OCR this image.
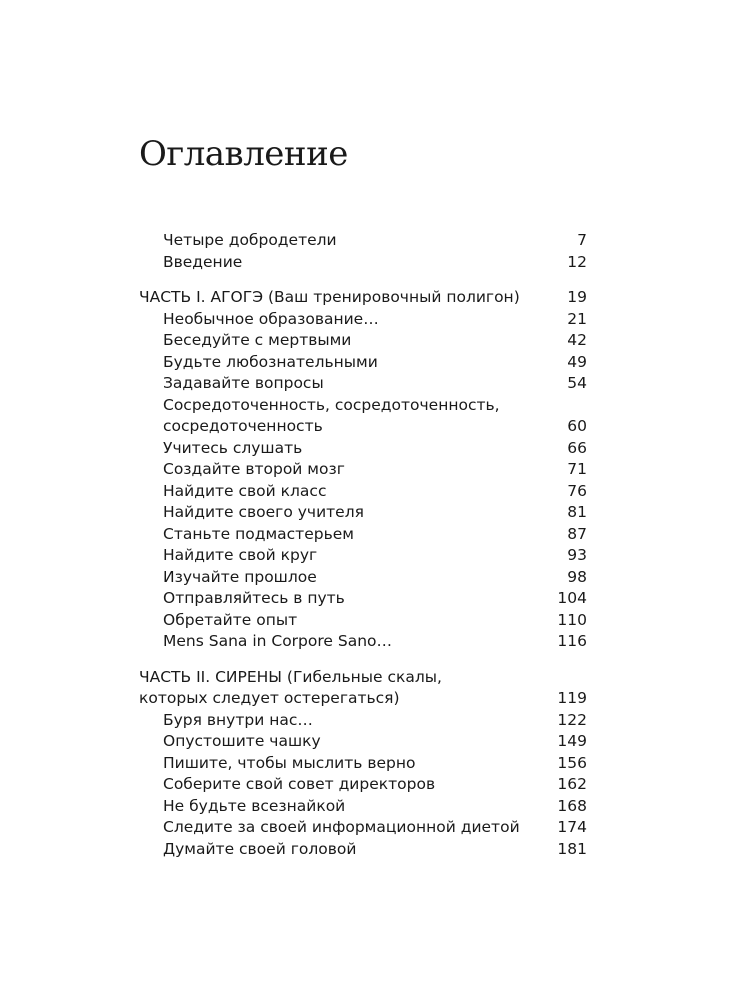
Оглавление
Четыре добродетели	7
Введение	12
ЧАСТЬ I. АГОГЭ (Ваш тренировочный полигон)	19
Необычное образование…	21
Беседуйте с мертвыми	42
Будьте любознательными	49
Задавайте вопросы	54
Сосредоточенность, сосредоточенность,
сосредоточенность	60
Учитесь слушать	66
Создайте второй мозг	71
Найдите свой класс	76
Найдите своего учителя	81
Станьте подмастерьем	87
Найдите свой круг	93
Изучайте прошлое	98
Отправляйтесь в путь	104
Обретайте опыт	110
Mens Sana in Corpore Sano…	116
ЧАСТЬ II. СИРЕНЫ (Гибельные скалы,
которых следует остерегаться)	119
Буря внутри нас…	122
Опустошите чашку	149
Пишите, чтобы мыслить верно	156
Соберите свой совет директоров	162
Не будьте всезнайкой	168
Следите за своей информационной диетой	174
Думайте своей головой	181
